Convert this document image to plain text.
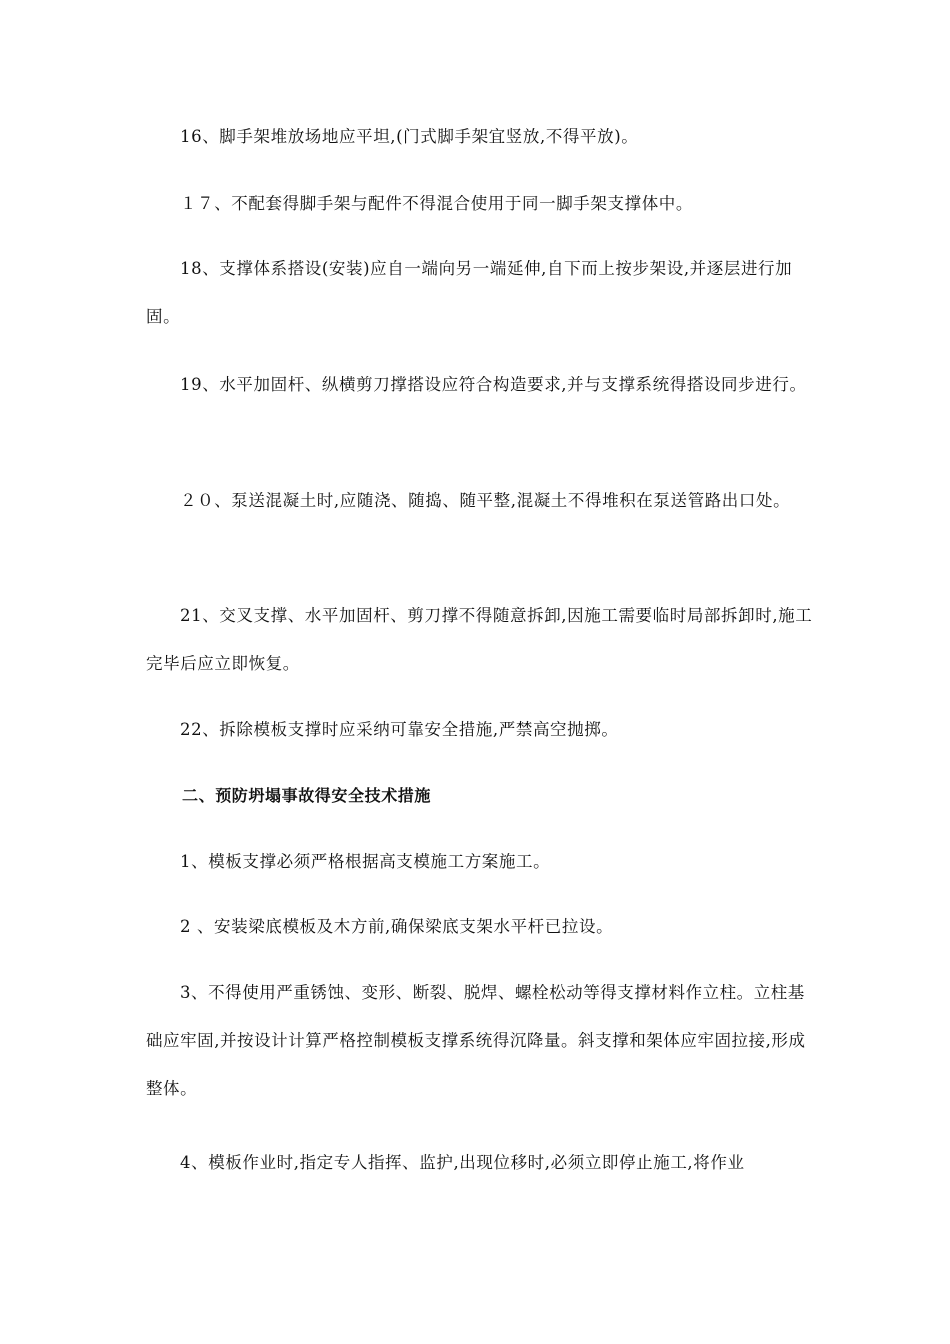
16、脚手架堆放场地应平坦,(门式脚手架宜竖放,不得平放)。

１７、不配套得脚手架与配件不得混合使用于同一脚手架支撑体中。

18、支撑体系搭设(安装)应自一端向另一端延伸,自下而上按步架设,并逐层进行加固。

19、水平加固杆、纵横剪刀撑搭设应符合构造要求,并与支撑系统得搭设同步进行。

２０、泵送混凝土时,应随浇、随捣、随平整,混凝土不得堆积在泵送管路出口处。

21、交叉支撑、水平加固杆、剪刀撑不得随意拆卸,因施工需要临时局部拆卸时,施工完毕后应立即恢复。

22、拆除模板支撑时应采纳可靠安全措施,严禁高空抛掷。

二、预防坍塌事故得安全技术措施

1、模板支撑必须严格根据高支模施工方案施工。

2 、安装梁底模板及木方前,确保梁底支架水平杆已拉设。

3、不得使用严重锈蚀、变形、断裂、脱焊、螺栓松动等得支撑材料作立柱。立柱基础应牢固,并按设计计算严格控制模板支撑系统得沉降量。斜支撑和架体应牢固拉接,形成整体。

4、模板作业时,指定专人指挥、监护,出现位移时,必须立即停止施工,将作业
